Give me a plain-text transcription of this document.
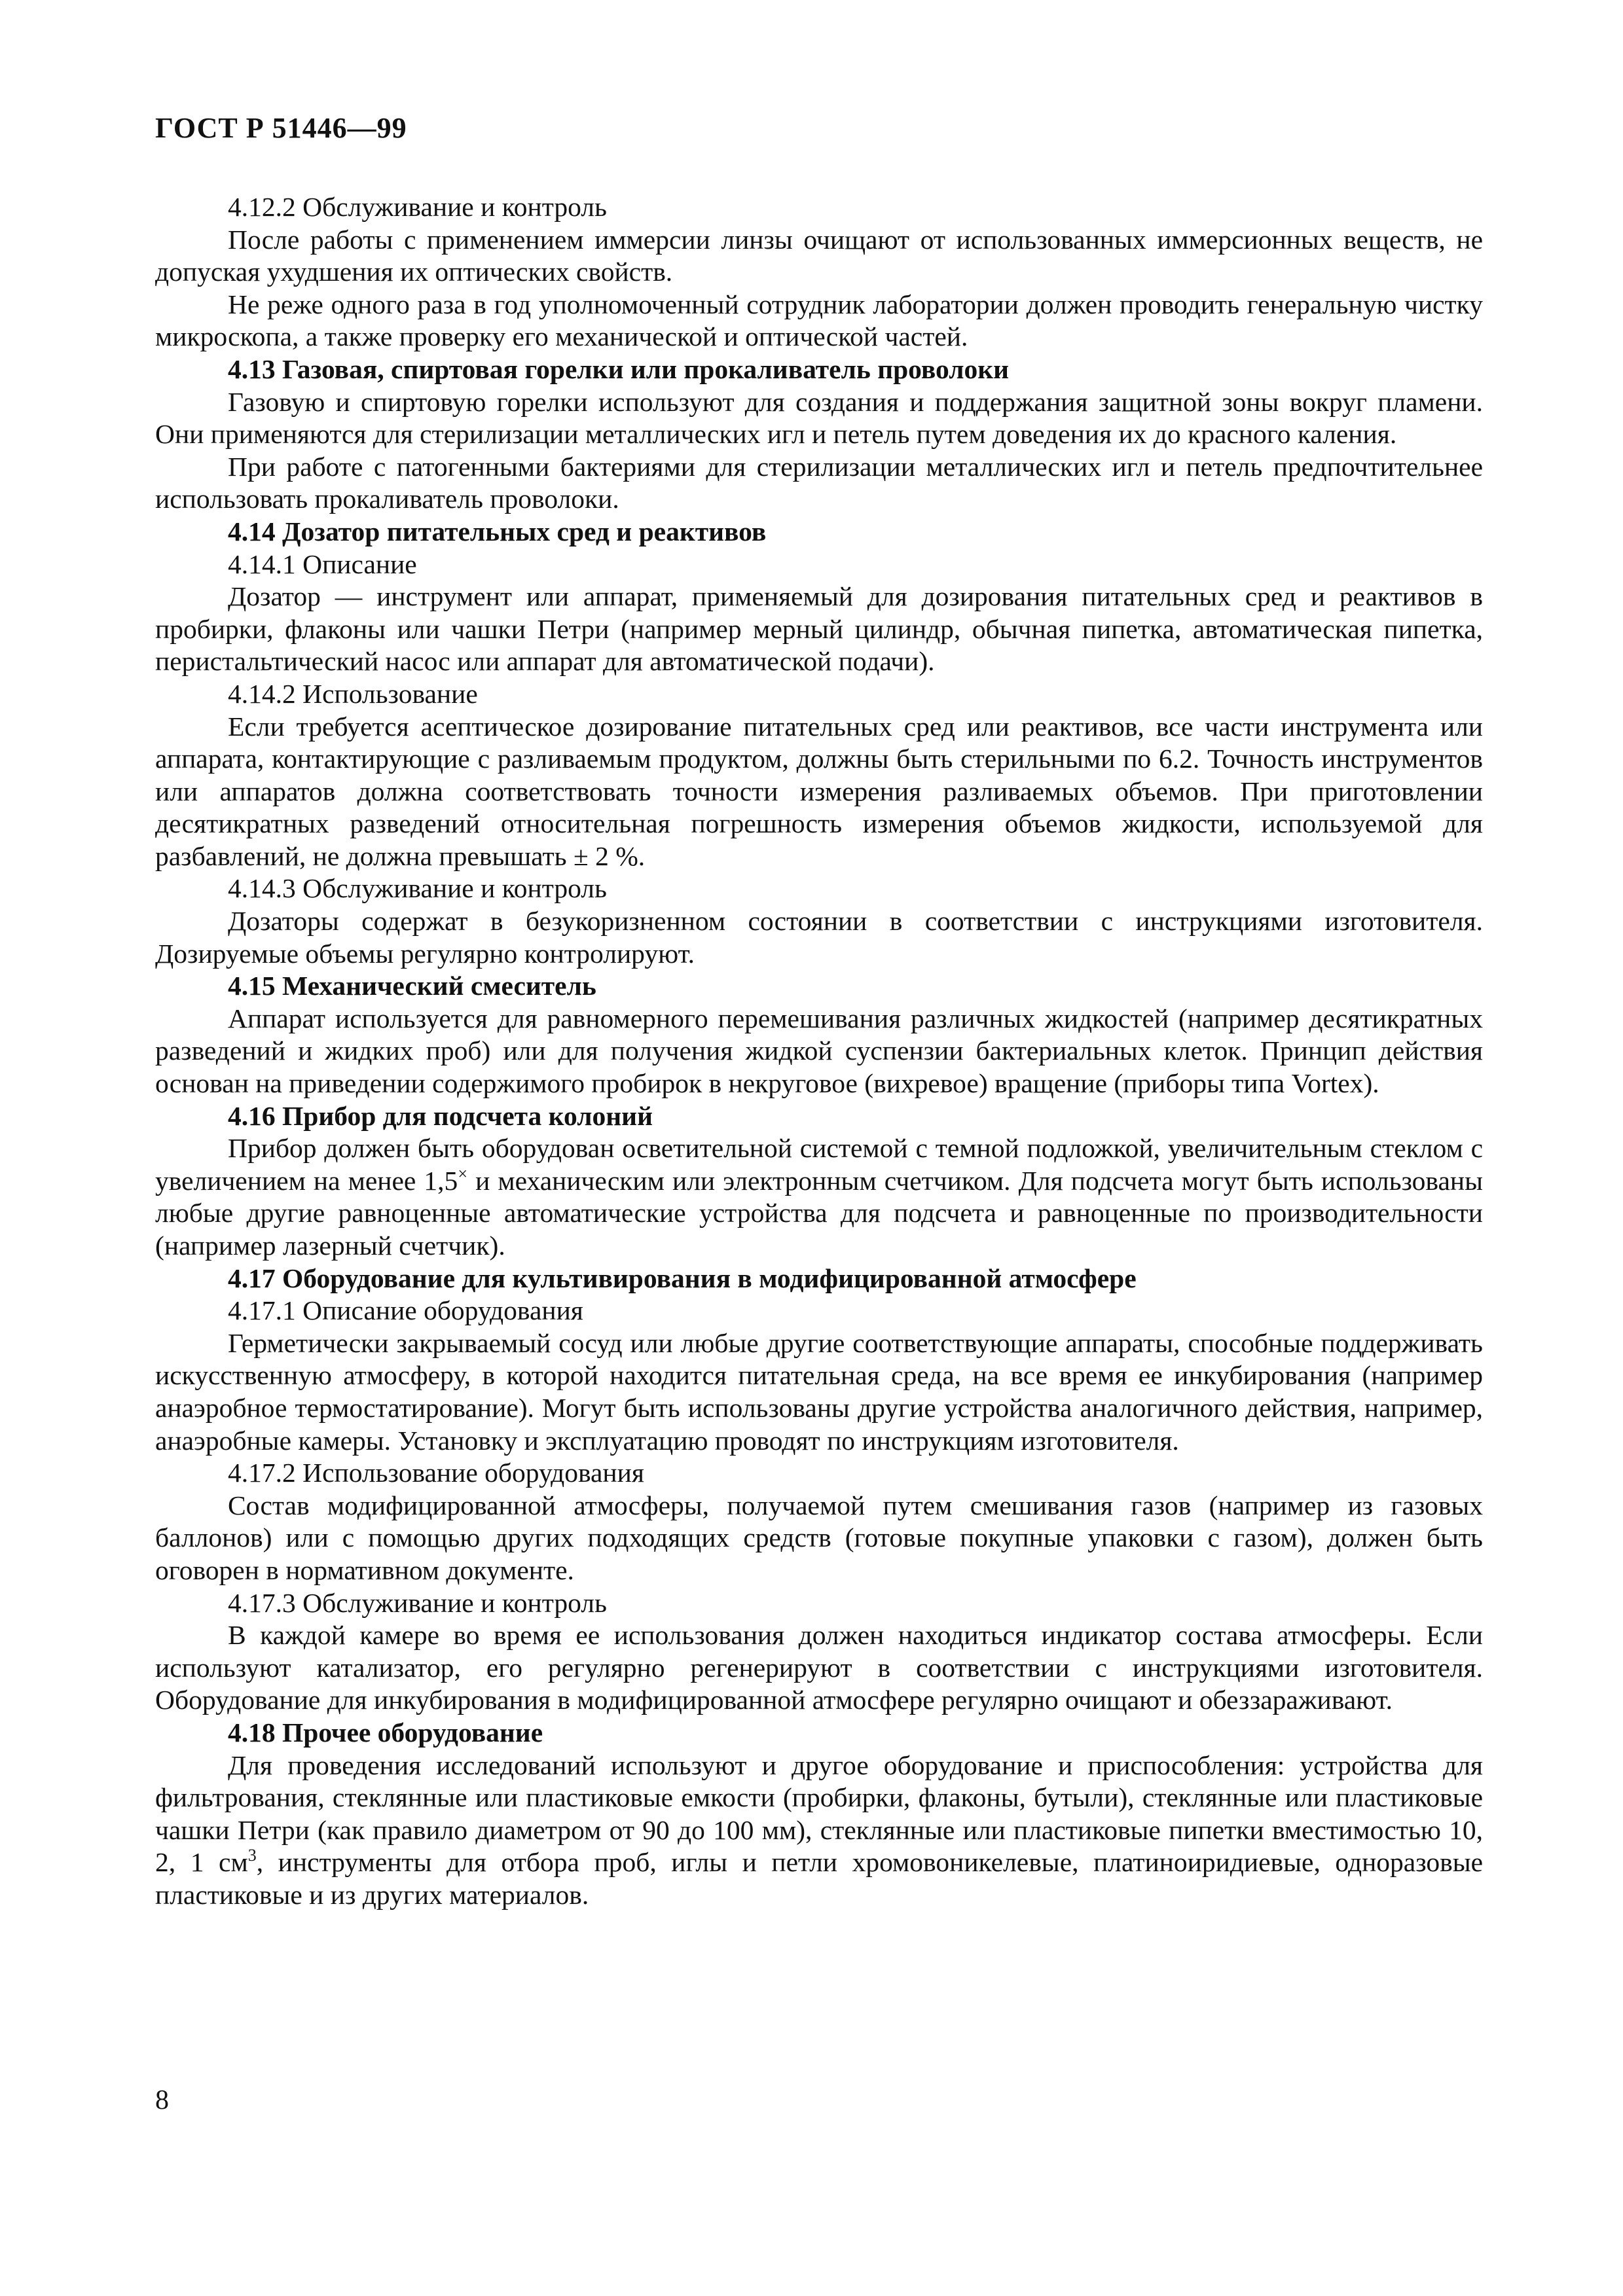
ГОСТ Р 51446—99

4.12.2 Обслуживание и контроль

После работы с применением иммерсии линзы очищают от использованных иммерсионных веществ, не допуская ухудшения их оптических свойств.

Не реже одного раза в год уполномоченный сотрудник лаборатории должен проводить генеральную чистку микроскопа, а также проверку его механической и оптической частей.

4.13 Газовая, спиртовая горелки или прокаливатель проволоки

Газовую и спиртовую горелки используют для создания и поддержания защитной зоны вокруг пламени. Они применяются для стерилизации металлических игл и петель путем доведения их до красного каления.

При работе с патогенными бактериями для стерилизации металлических игл и петель предпочтительнее использовать прокаливатель проволоки.

4.14 Дозатор питательных сред и реактивов

4.14.1 Описание

Дозатор — инструмент или аппарат, применяемый для дозирования питательных сред и реактивов в пробирки, флаконы или чашки Петри (например мерный цилиндр, обычная пипетка, автоматическая пипетка, перистальтический насос или аппарат для автоматической подачи).

4.14.2 Использование

Если требуется асептическое дозирование питательных сред или реактивов, все части инструмента или аппарата, контактирующие с разливаемым продуктом, должны быть стерильными по 6.2. Точность инструментов или аппаратов должна соответствовать точности измерения разливаемых объемов. При приготовлении десятикратных разведений относительная погрешность измерения объемов жидкости, используемой для разбавлений, не должна превышать ± 2 %.

4.14.3 Обслуживание и контроль

Дозаторы содержат в безукоризненном состоянии в соответствии с инструкциями изготовителя. Дозируемые объемы регулярно контролируют.

4.15 Механический смеситель

Аппарат используется для равномерного перемешивания различных жидкостей (например десятикратных разведений и жидких проб) или для получения жидкой суспензии бактериальных клеток. Принцип действия основан на приведении содержимого пробирок в некруговое (вихревое) вращение (приборы типа Vortex).

4.16 Прибор для подсчета колоний

Прибор должен быть оборудован осветительной системой с темной подложкой, увеличительным стеклом с увеличением на менее 1,5× и механическим или электронным счетчиком. Для подсчета могут быть использованы любые другие равноценные автоматические устройства для подсчета и равноценные по производительности (например лазерный счетчик).

4.17 Оборудование для культивирования в модифицированной атмосфере

4.17.1 Описание оборудования

Герметически закрываемый сосуд или любые другие соответствующие аппараты, способные поддерживать искусственную атмосферу, в которой находится питательная среда, на все время ее инкубирования (например анаэробное термостатирование). Могут быть использованы другие устройства аналогичного действия, например, анаэробные камеры. Установку и эксплуатацию проводят по инструкциям изготовителя.

4.17.2 Использование оборудования

Состав модифицированной атмосферы, получаемой путем смешивания газов (например из газовых баллонов) или с помощью других подходящих средств (готовые покупные упаковки с газом), должен быть оговорен в нормативном документе.

4.17.3 Обслуживание и контроль

В каждой камере во время ее использования должен находиться индикатор состава атмосферы. Если используют катализатор, его регулярно регенерируют в соответствии с инструкциями изготовителя. Оборудование для инкубирования в модифицированной атмосфере регулярно очищают и обеззараживают.

4.18 Прочее оборудование

Для проведения исследований используют и другое оборудование и приспособления: устройства для фильтрования, стеклянные или пластиковые емкости (пробирки, флаконы, бутыли), стеклянные или пластиковые чашки Петри (как правило диаметром от 90 до 100 мм), стеклянные или пластиковые пипетки вместимостью 10, 2, 1 $см^3$, инструменты для отбора проб, иглы и петли хромовоникелевые, платиноиридиевые, одноразовые пластиковые и из других материалов.

8
